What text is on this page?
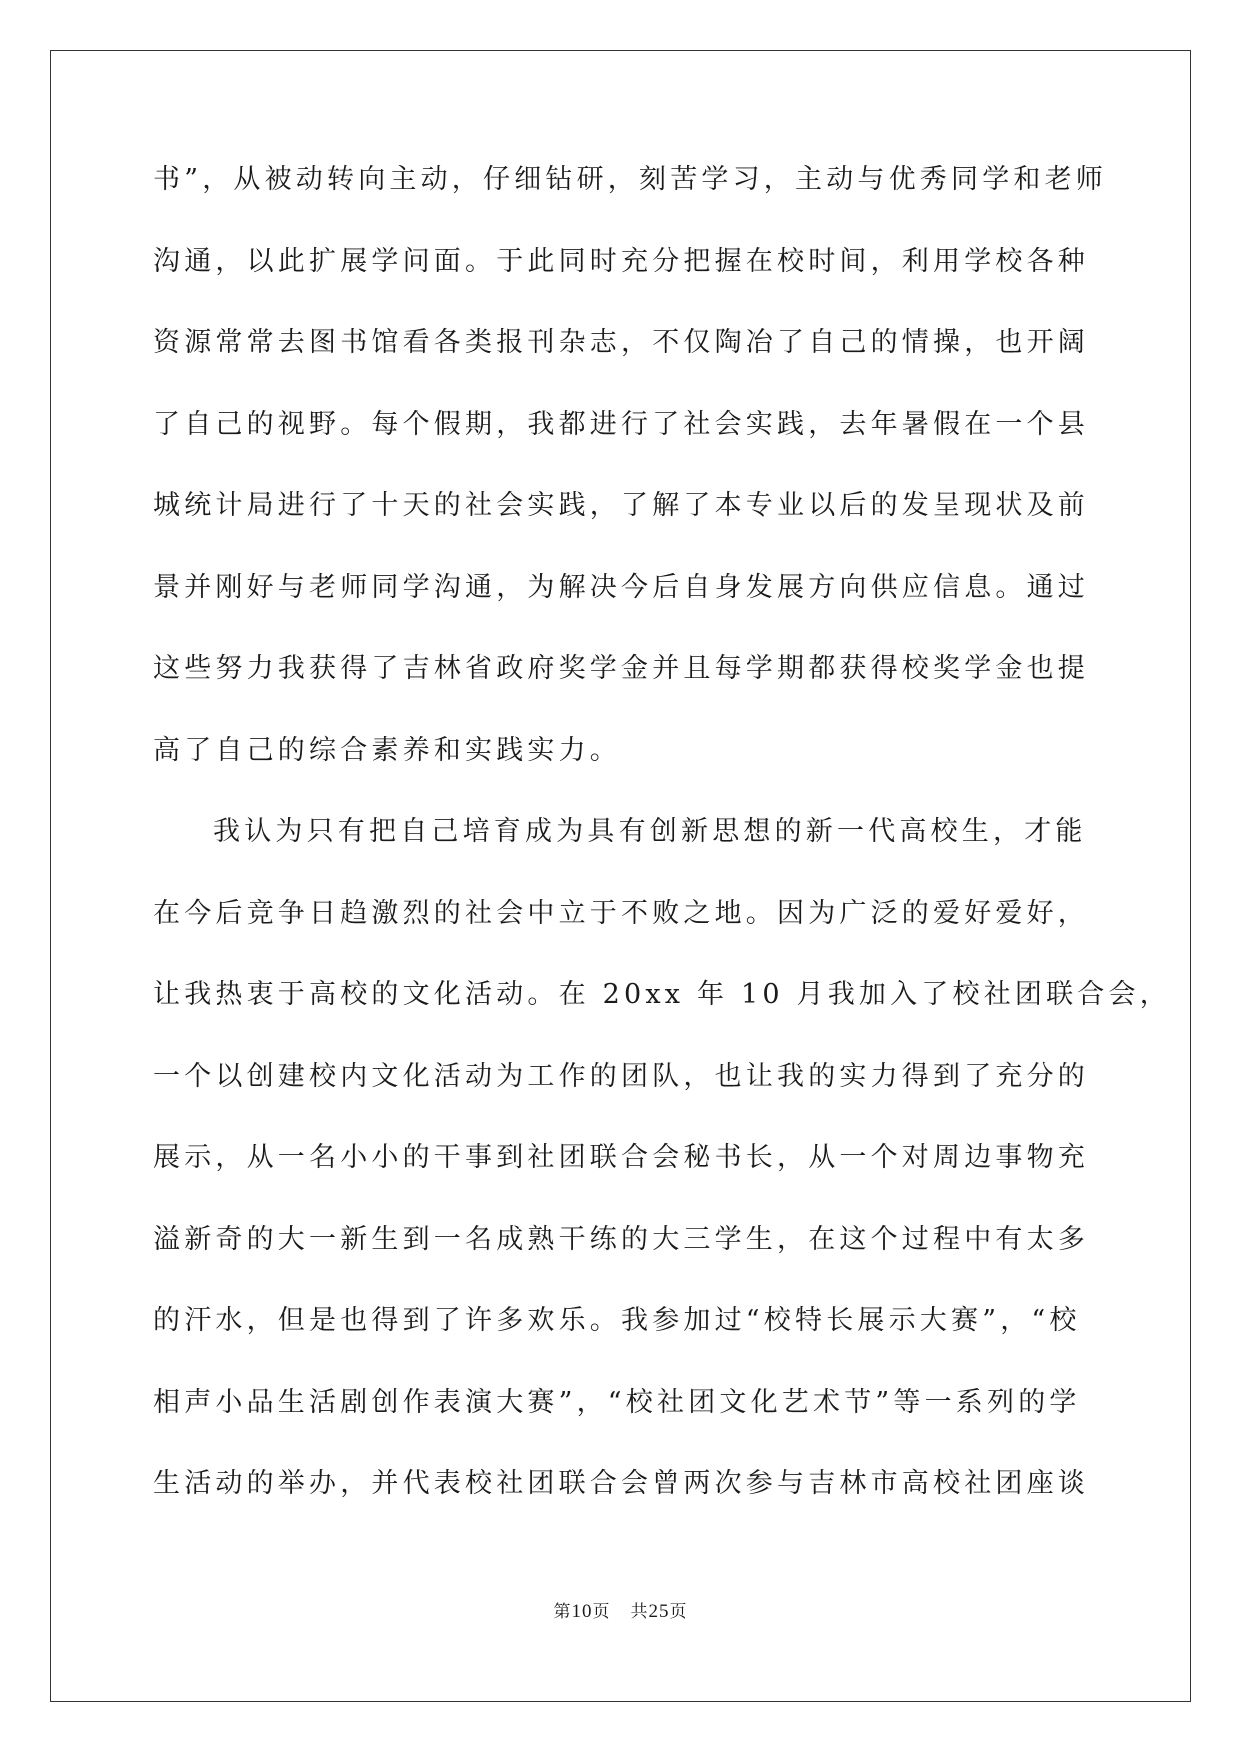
书”，从被动转向主动，仔细钻研，刻苦学习，主动与优秀同学和老师
沟通，以此扩展学问面。于此同时充分把握在校时间，利用学校各种
资源常常去图书馆看各类报刊杂志，不仅陶冶了自己的情操，也开阔
了自己的视野。每个假期，我都进行了社会实践，去年暑假在一个县
城统计局进行了十天的社会实践，了解了本专业以后的发呈现状及前
景并刚好与老师同学沟通，为解决今后自身发展方向供应信息。通过
这些努力我获得了吉林省政府奖学金并且每学期都获得校奖学金也提
高了自己的综合素养和实践实力。
我认为只有把自己培育成为具有创新思想的新一代高校生，才能
在今后竞争日趋激烈的社会中立于不败之地。因为广泛的爱好爱好，
让我热衷于高校的文化活动。在 20xx 年 10 月我加入了校社团联合会，
一个以创建校内文化活动为工作的团队，也让我的实力得到了充分的
展示，从一名小小的干事到社团联合会秘书长，从一个对周边事物充
溢新奇的大一新生到一名成熟干练的大三学生，在这个过程中有太多
的汗水，但是也得到了许多欢乐。我参加过“校特长展示大赛”，“校
相声小品生活剧创作表演大赛”，“校社团文化艺术节”等一系列的学
生活动的举办，并代表校社团联合会曾两次参与吉林市高校社团座谈
第10页 共25页
